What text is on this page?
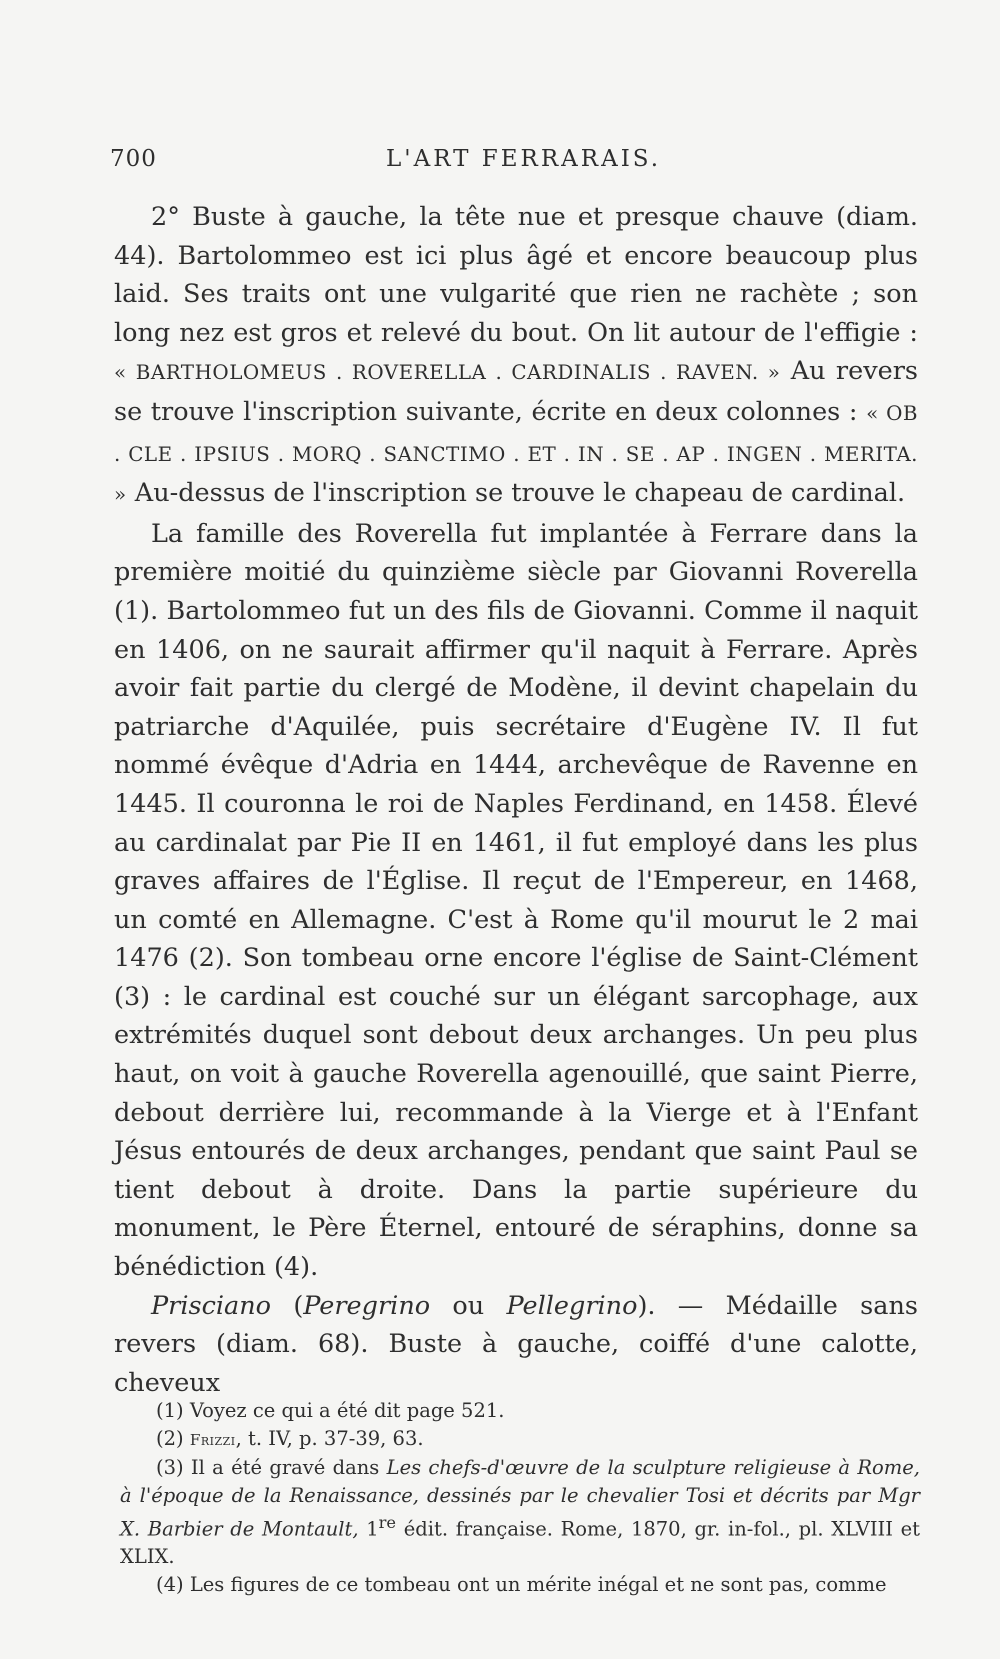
700	L'ART FERRARAIS.

2° Buste à gauche, la tête nue et presque chauve (diam. 44). Bartolommeo est ici plus âgé et encore beaucoup plus laid. Ses traits ont une vulgarité que rien ne rachète ; son long nez est gros et relevé du bout. On lit autour de l'effigie : « BARTHOLOMEUS . ROVERELLA . CARDINALIS . RAVEN. » Au revers se trouve l'inscription suivante, écrite en deux colonnes : « OB . CLE . IPSIUS . MORQ . SANCTIMO . ET . IN . SE . AP . INGEN . MERITA. » Au-dessus de l'inscription se trouve le chapeau de cardinal.

La famille des Roverella fut implantée à Ferrare dans la première moitié du quinzième siècle par Giovanni Roverella (1). Bartolommeo fut un des fils de Giovanni. Comme il naquit en 1406, on ne saurait affirmer qu'il naquit à Ferrare. Après avoir fait partie du clergé de Modène, il devint chapelain du patriarche d'Aquilée, puis secrétaire d'Eugène IV. Il fut nommé évêque d'Adria en 1444, archevêque de Ravenne en 1445. Il couronna le roi de Naples Ferdinand, en 1458. Élevé au cardinalat par Pie II en 1461, il fut employé dans les plus graves affaires de l'Église. Il reçut de l'Empereur, en 1468, un comté en Allemagne. C'est à Rome qu'il mourut le 2 mai 1476 (2). Son tombeau orne encore l'église de Saint-Clément (3) : le cardinal est couché sur un élégant sarcophage, aux extrémités duquel sont debout deux archanges. Un peu plus haut, on voit à gauche Roverella agenouillé, que saint Pierre, debout derrière lui, recommande à la Vierge et à l'Enfant Jésus entourés de deux archanges, pendant que saint Paul se tient debout à droite. Dans la partie supérieure du monument, le Père Éternel, entouré de séraphins, donne sa bénédiction (4).

Prisciano (Peregrino ou Pellegrino). — Médaille sans revers (diam. 68). Buste à gauche, coiffé d'une calotte, cheveux

(1) Voyez ce qui a été dit page 521.

(2) Frizzi, t. IV, p. 37-39, 63.

(3) Il a été gravé dans Les chefs-d'œuvre de la sculpture religieuse à Rome, à l'époque de la Renaissance, dessinés par le chevalier Tosi et décrits par Mgr X. Barbier de Montault, 1re édit. française. Rome, 1870, gr. in-fol., pl. XLVIII et XLIX.

(4) Les figures de ce tombeau ont un mérite inégal et ne sont pas, comme
